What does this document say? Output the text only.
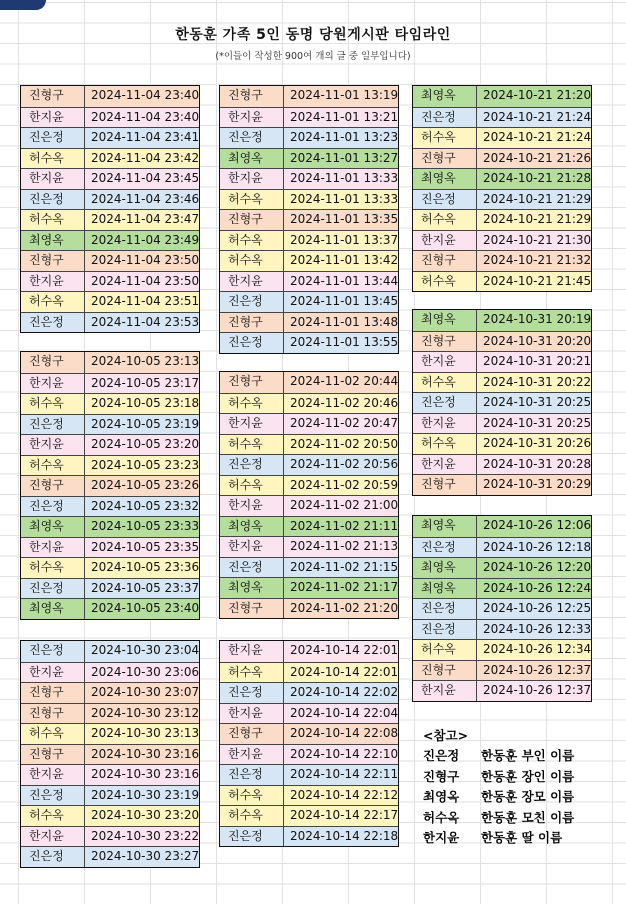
한동훈 가족 5인 동명 당원게시판 타임라인
(*이들이 작성한 900여 개의 글 중 일부입니다)
진형구	2024-11-04 23:40
한지윤	2024-11-04 23:40
진은정	2024-11-04 23:41
허수옥	2024-11-04 23:42
한지윤	2024-11-04 23:45
진은정	2024-11-04 23:46
허수옥	2024-11-04 23:47
최영옥	2024-11-04 23:49
진형구	2024-11-04 23:50
한지윤	2024-11-04 23:50
허수옥	2024-11-04 23:51
진은정	2024-11-04 23:53
진형구	2024-10-05 23:13
한지윤	2024-10-05 23:17
허수옥	2024-10-05 23:18
진은정	2024-10-05 23:19
한지윤	2024-10-05 23:20
허수옥	2024-10-05 23:23
진형구	2024-10-05 23:26
진은정	2024-10-05 23:32
최영옥	2024-10-05 23:33
한지윤	2024-10-05 23:35
허수옥	2024-10-05 23:36
진은정	2024-10-05 23:37
최영옥	2024-10-05 23:40
진은정	2024-10-30 23:04
한지윤	2024-10-30 23:06
진형구	2024-10-30 23:07
진형구	2024-10-30 23:12
허수옥	2024-10-30 23:13
진형구	2024-10-30 23:16
한지윤	2024-10-30 23:16
진은정	2024-10-30 23:19
허수옥	2024-10-30 23:20
한지윤	2024-10-30 23:22
진은정	2024-10-30 23:27
진형구	2024-11-01 13:19
한지윤	2024-11-01 13:21
진은정	2024-11-01 13:23
최영옥	2024-11-01 13:27
한지윤	2024-11-01 13:33
허수옥	2024-11-01 13:33
진형구	2024-11-01 13:35
허수옥	2024-11-01 13:37
허수옥	2024-11-01 13:42
한지윤	2024-11-01 13:44
진은정	2024-11-01 13:45
진형구	2024-11-01 13:48
진은정	2024-11-01 13:55
진형구	2024-11-02 20:44
허수옥	2024-11-02 20:46
한지윤	2024-11-02 20:47
허수옥	2024-11-02 20:50
진은정	2024-11-02 20:56
허수옥	2024-11-02 20:59
한지윤	2024-11-02 21:00
최영옥	2024-11-02 21:11
한지윤	2024-11-02 21:13
진은정	2024-11-02 21:15
최영옥	2024-11-02 21:17
진형구	2024-11-02 21:20
한지윤	2024-10-14 22:01
허수옥	2024-10-14 22:01
진은정	2024-10-14 22:02
한지윤	2024-10-14 22:04
진형구	2024-10-14 22:08
한지윤	2024-10-14 22:10
진은정	2024-10-14 22:11
허수옥	2024-10-14 22:12
허수옥	2024-10-14 22:17
진은정	2024-10-14 22:18
최영옥	2024-10-21 21:20
진은정	2024-10-21 21:24
허수옥	2024-10-21 21:24
진형구	2024-10-21 21:26
최영옥	2024-10-21 21:28
진은정	2024-10-21 21:29
허수옥	2024-10-21 21:29
한지윤	2024-10-21 21:30
진형구	2024-10-21 21:32
허수옥	2024-10-21 21:45
최영옥	2024-10-31 20:19
진형구	2024-10-31 20:20
한지윤	2024-10-31 20:21
허수옥	2024-10-31 20:22
진은정	2024-10-31 20:25
한지윤	2024-10-31 20:25
허수옥	2024-10-31 20:26
한지윤	2024-10-31 20:28
진형구	2024-10-31 20:29
최영옥	2024-10-26 12:06
진은정	2024-10-26 12:18
최영옥	2024-10-26 12:20
최영옥	2024-10-26 12:24
진은정	2024-10-26 12:25
진은정	2024-10-26 12:33
허수옥	2024-10-26 12:34
진형구	2024-10-26 12:37
한지윤	2024-10-26 12:37
<참고>
진은정	한동훈 부인 이름
진형구	한동훈 장인 이름
최영옥	한동훈 장모 이름
허수옥	한동훈 모친 이름
한지윤	한동훈 딸 이름
